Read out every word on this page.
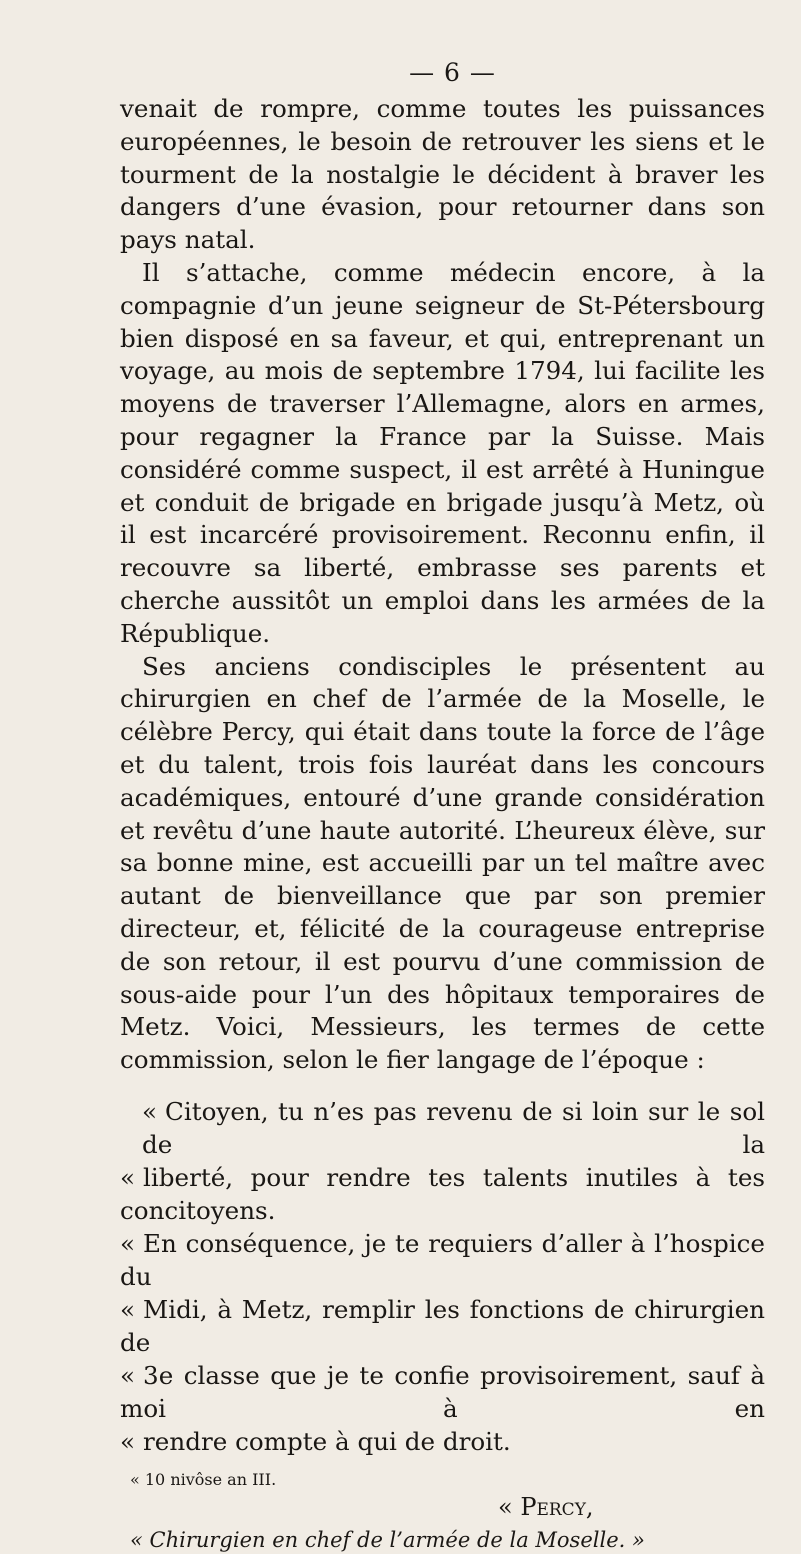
— 6 —

venait de rompre, comme toutes les puissances européennes, le besoin de retrouver les siens et le tourment de la nostalgie le décident à braver les dangers d’une évasion, pour retourner dans son pays natal.

Il s’attache, comme médecin encore, à la compagnie d’un jeune seigneur de St-Pétersbourg bien disposé en sa faveur, et qui, entreprenant un voyage, au mois de septembre 1794, lui facilite les moyens de traverser l’Allemagne, alors en armes, pour regagner la France par la Suisse. Mais considéré comme suspect, il est arrêté à Huningue et conduit de brigade en brigade jusqu’à Metz, où il est incarcéré provisoirement. Reconnu enfin, il recouvre sa liberté, embrasse ses parents et cherche aussitôt un emploi dans les armées de la République.

Ses anciens condisciples le présentent au chirurgien en chef de l’armée de la Moselle, le célèbre Percy, qui était dans toute la force de l’âge et du talent, trois fois lauréat dans les concours académiques, entouré d’une grande considération et revêtu d’une haute autorité. L’heureux élève, sur sa bonne mine, est accueilli par un tel maître avec autant de bienveillance que par son premier directeur, et, félicité de la courageuse entreprise de son retour, il est pourvu d’une commission de sous-aide pour l’un des hôpitaux temporaires de Metz. Voici, Messieurs, les termes de cette commission, selon le fier langage de l’époque :

« Citoyen, tu n’es pas revenu de si loin sur le sol de la
« liberté, pour rendre tes talents inutiles à tes concitoyens.
« En conséquence, je te requiers d’aller à l’hospice du
« Midi, à Metz, remplir les fonctions de chirurgien de
« 3e classe que je te confie provisoirement, sauf à moi à en
« rendre compte à qui de droit.
« 10 nivôse an III.
« Percy,
« Chirurgien en chef de l’armée de la Moselle. »
